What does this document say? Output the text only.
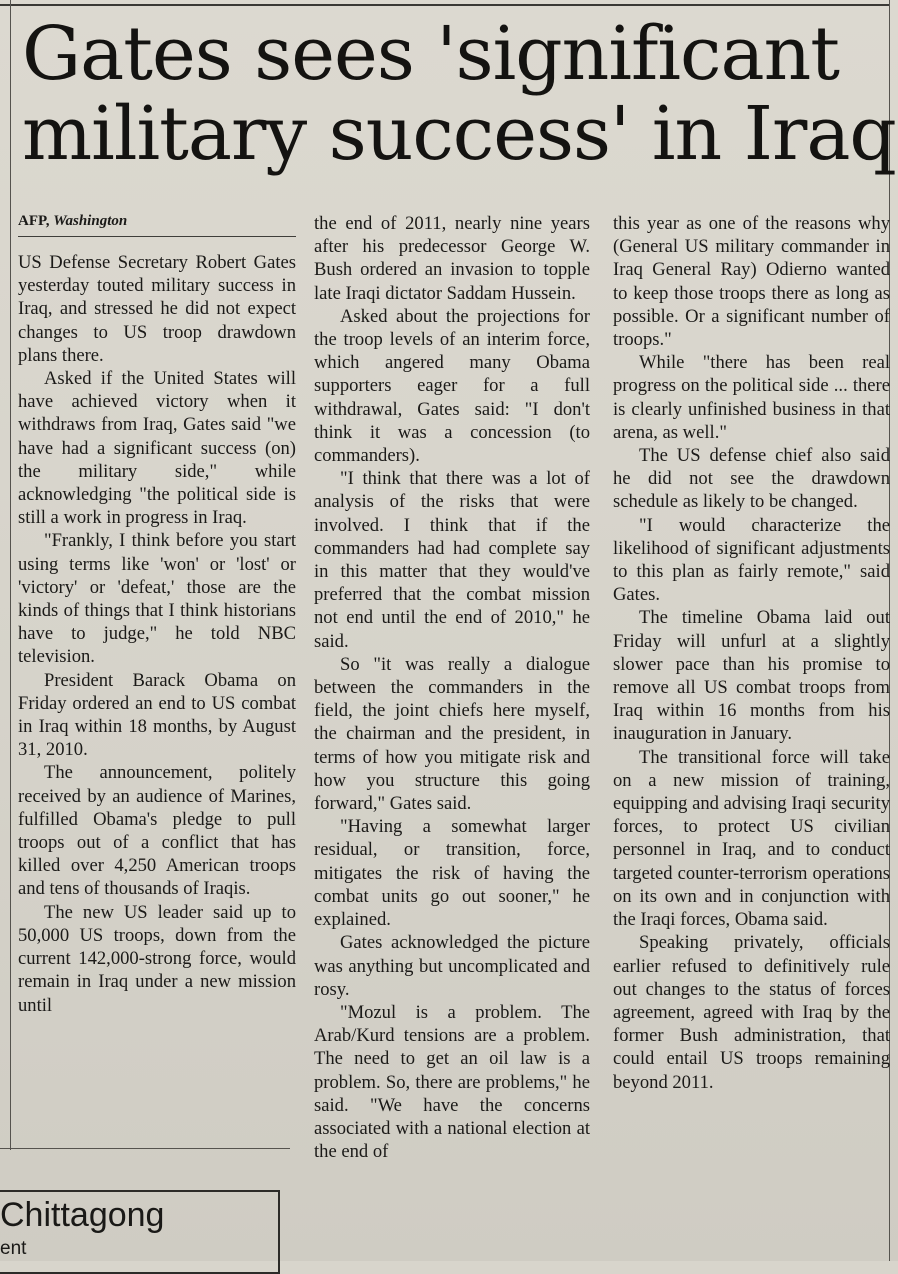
Gates sees 'significant
military success' in Iraq
AFP, Washington

US Defense Secretary Robert Gates yesterday touted military success in Iraq, and stressed he did not expect changes to US troop drawdown plans there.

Asked if the United States will have achieved victory when it withdraws from Iraq, Gates said "we have had a significant success (on) the military side," while acknowledging "the political side is still a work in progress in Iraq.

"Frankly, I think before you start using terms like 'won' or 'lost' or 'victory' or 'defeat,' those are the kinds of things that I think historians have to judge," he told NBC television.

President Barack Obama on Friday ordered an end to US combat in Iraq within 18 months, by August 31, 2010.

The announcement, politely received by an audience of Marines, fulfilled Obama's pledge to pull troops out of a conflict that has killed over 4,250 American troops and tens of thousands of Iraqis.

The new US leader said up to 50,000 US troops, down from the current 142,000-strong force, would remain in Iraq under a new mission until

the end of 2011, nearly nine years after his predecessor George W. Bush ordered an invasion to topple late Iraqi dictator Saddam Hussein.

Asked about the projections for the troop levels of an interim force, which angered many Obama supporters eager for a full withdrawal, Gates said: "I don't think it was a concession (to commanders).

"I think that there was a lot of analysis of the risks that were involved. I think that if the commanders had had complete say in this matter that they would've preferred that the combat mission not end until the end of 2010," he said.

So "it was really a dialogue between the commanders in the field, the joint chiefs here myself, the chairman and the president, in terms of how you mitigate risk and how you structure this going forward," Gates said.

"Having a somewhat larger residual, or transition, force, mitigates the risk of having the combat units go out sooner," he explained.

Gates acknowledged the picture was anything but uncomplicated and rosy.

"Mozul is a problem. The Arab/Kurd tensions are a problem. The need to get an oil law is a problem. So, there are problems," he said. "We have the concerns associated with a national election at the end of

this year as one of the reasons why (General US military commander in Iraq General Ray) Odierno wanted to keep those troops there as long as possible. Or a significant number of troops."

While "there has been real progress on the political side ... there is clearly unfinished business in that arena, as well."

The US defense chief also said he did not see the drawdown schedule as likely to be changed.

"I would characterize the likelihood of significant adjustments to this plan as fairly remote," said Gates.

The timeline Obama laid out Friday will unfurl at a slightly slower pace than his promise to remove all US combat troops from Iraq within 16 months from his inauguration in January.

The transitional force will take on a new mission of training, equipping and advising Iraqi security forces, to protect US civilian personnel in Iraq, and to conduct targeted counter-terrorism operations on its own and in conjunction with the Iraqi forces, Obama said.

Speaking privately, officials earlier refused to definitively rule out changes to the status of forces agreement, agreed with Iraq by the former Bush administration, that could entail US troops remaining beyond 2011.

Chittagong
ent
